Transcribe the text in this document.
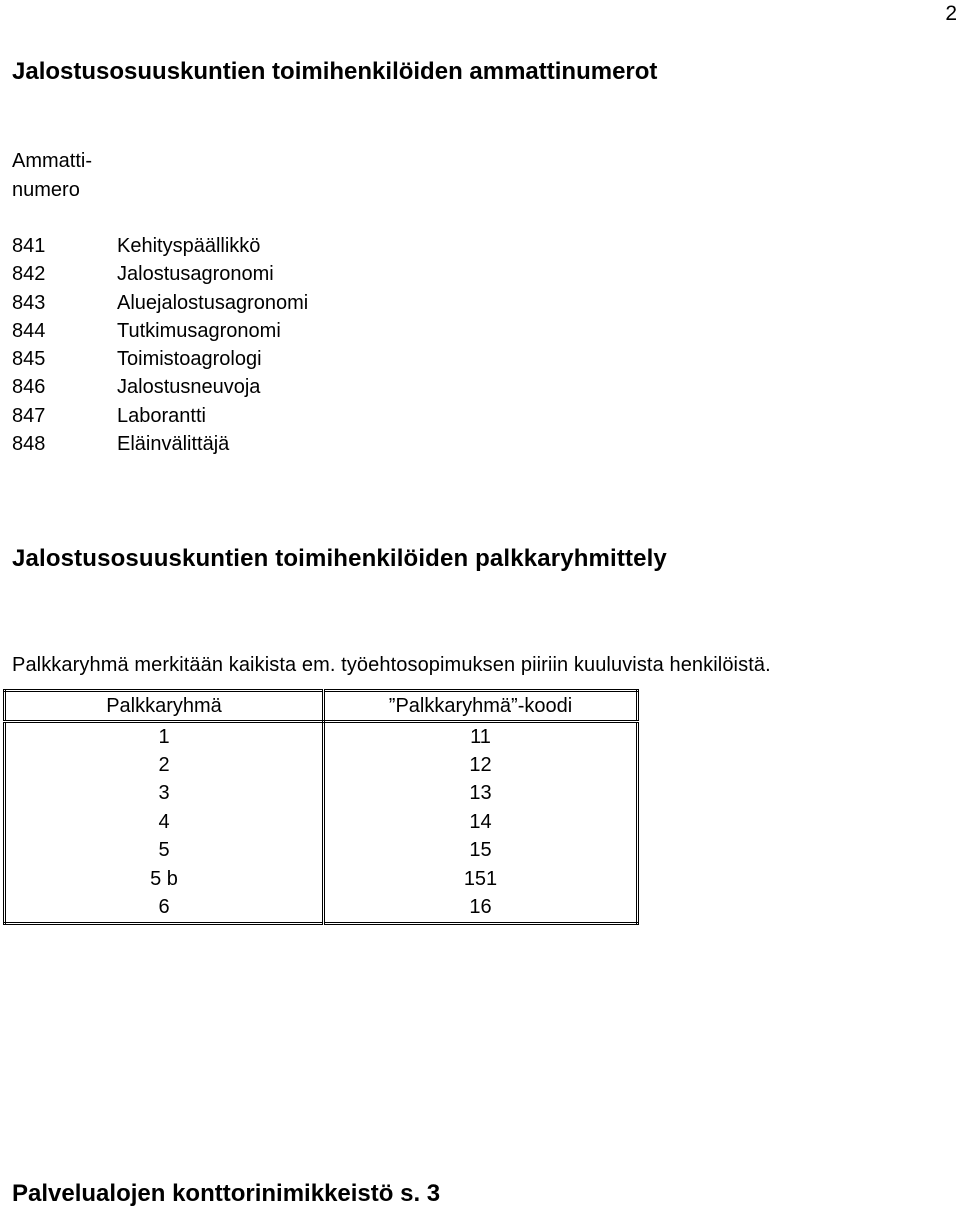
2
Jalostusosuuskuntien toimihenkilöiden ammattinumerot
Ammatti-
numero
841	Kehityspäällikkö
842	Jalostusagronomi
843	Aluejalostusagronomi
844	Tutkimusagronomi
845	Toimistoagrologi
846	Jalostusneuvoja
847	Laborantti
848	Eläinvälittäjä
Jalostusosuuskuntien toimihenkilöiden palkkaryhmittely

Palkkaryhmä merkitään kaikista em. työehtosopimuksen piiriin kuuluvista henkilöistä.

Palkkaryhmä	”Palkkaryhmä”-koodi
1	11
2	12
3	13
4	14
5	15
5 b	151
6	16
Palvelualojen konttorinimikkeistö s. 3
